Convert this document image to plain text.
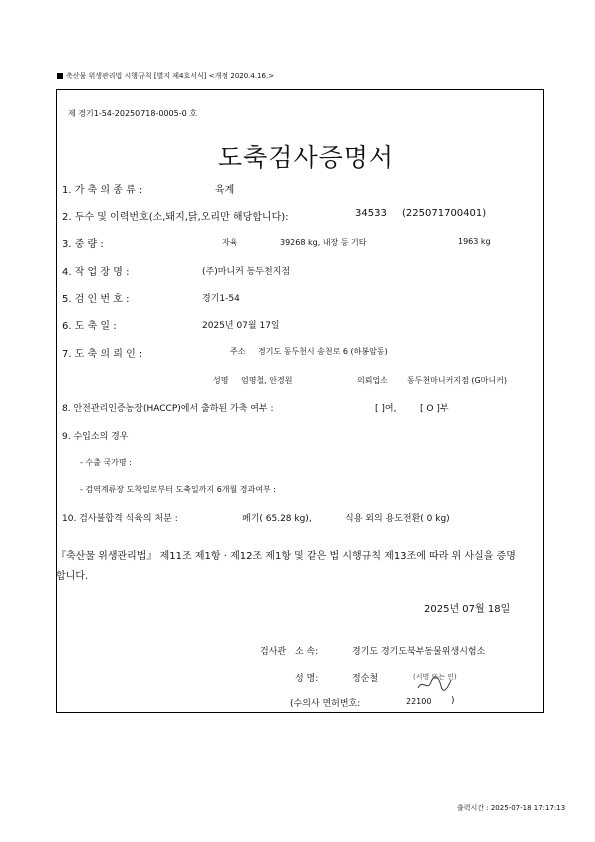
축산물 위생관리법 시행규칙 [별지 제4호서식] <개정 2020.4.16.>
제 경기1-54-20250718-0005-0 호
도축검사증명서
1. 가 축 의 종 류 :	육계
2. 두수 및 이력번호(소,돼지,닭,오리만 해당합니다):	34533 (225071700401)
3. 중 량 :	자육	39268 kg, 내장 등 기타	1963 kg
4. 작 업 장 명 :	(주)마니커 동두천지점
5. 검 인 번 호 :	경기1-54
6. 도 축 일 :	2025년 07월 17일
7. 도 축 의 뢰 인 :	주소 경기도 동두천시 송천로 6 (하봉암동)
성명 엄명철, 안경원	의뢰업소 동두천마니커지점 (G마니커)
8. 안전관리인증농장(HACCP)에서 출하된 가축 여부 :	[ ]여,	[ O ]부
9. 수입소의 경우
- 수출 국가명 :
- 검역계류장 도착일로부터 도축일까지 6개월 경과여부 :
10. 검사불합격 식육의 처분 :	폐기( 65.28 kg),	식용 외의 용도전환( 0 kg)
『축산물 위생관리법』 제11조 제1항 · 제12조 제1항 및 같은 법 시행규칙 제13조에 따라 위 사실을 증명
합니다.
2025년 07월 18일
검사관 소 속:	경기도 경기도북부동물위생시험소
성 명:	정순철	(서명 또는 인)
(수의사 면허번호:	22100 )
출력시간 : 2025-07-18 17:17:13
